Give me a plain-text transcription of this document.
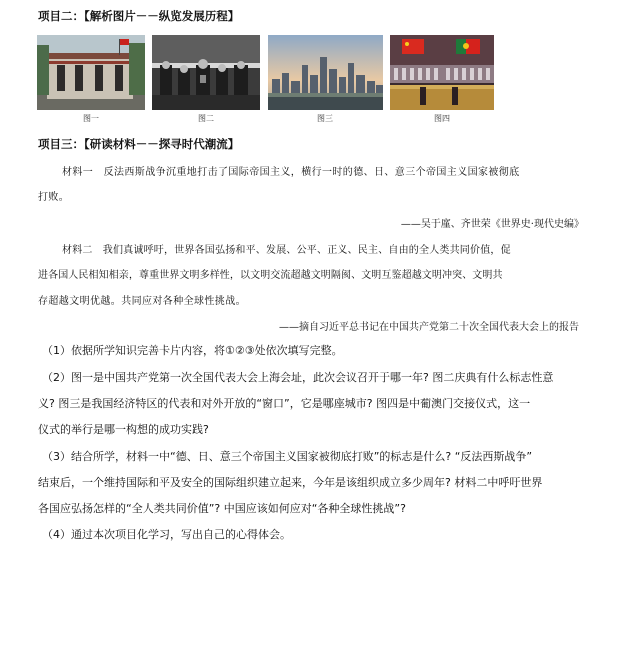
项目二：【解析图片－－纵览发展历程】
图一	图二	图三	图四
项目三：【研读材料－－探寻时代潮流】
材料一　反法西斯战争沉重地打击了国际帝国主义，横行一时的德、日、意三个帝国主义国家被彻底
打败。
——吴于廑、齐世荣《世界史·现代史编》
材料二　我们真诚呼吁，世界各国弘扬和平、发展、公平、正义、民主、自由的全人类共同价值，促
进各国人民相知相亲，尊重世界文明多样性，以文明交流超越文明隔阂、文明互鉴超越文明冲突、文明共
存超越文明优越。共同应对各种全球性挑战。
——摘自习近平总书记在中国共产党第二十次全国代表大会上的报告
（1）依据所学知识完善卡片内容，将①②③处依次填写完整。
（2）图一是中国共产党第一次全国代表大会上海会址，此次会议召开于哪一年? 图二庆典有什么标志性意
义? 图三是我国经济特区的代表和对外开放的“窗口”，它是哪座城市? 图四是中葡澳门交接仪式，这一
仪式的举行是哪一构想的成功实践?
（3）结合所学，材料一中“德、日、意三个帝国主义国家被彻底打败”的标志是什么? “反法西斯战争”
结束后，一个维持国际和平及安全的国际组织建立起来，今年是该组织成立多少周年? 材料二中呼吁世界
各国应弘扬怎样的“全人类共同价值”? 中国应该如何应对“各种全球性挑战”?
（4）通过本次项目化学习，写出自己的心得体会。
